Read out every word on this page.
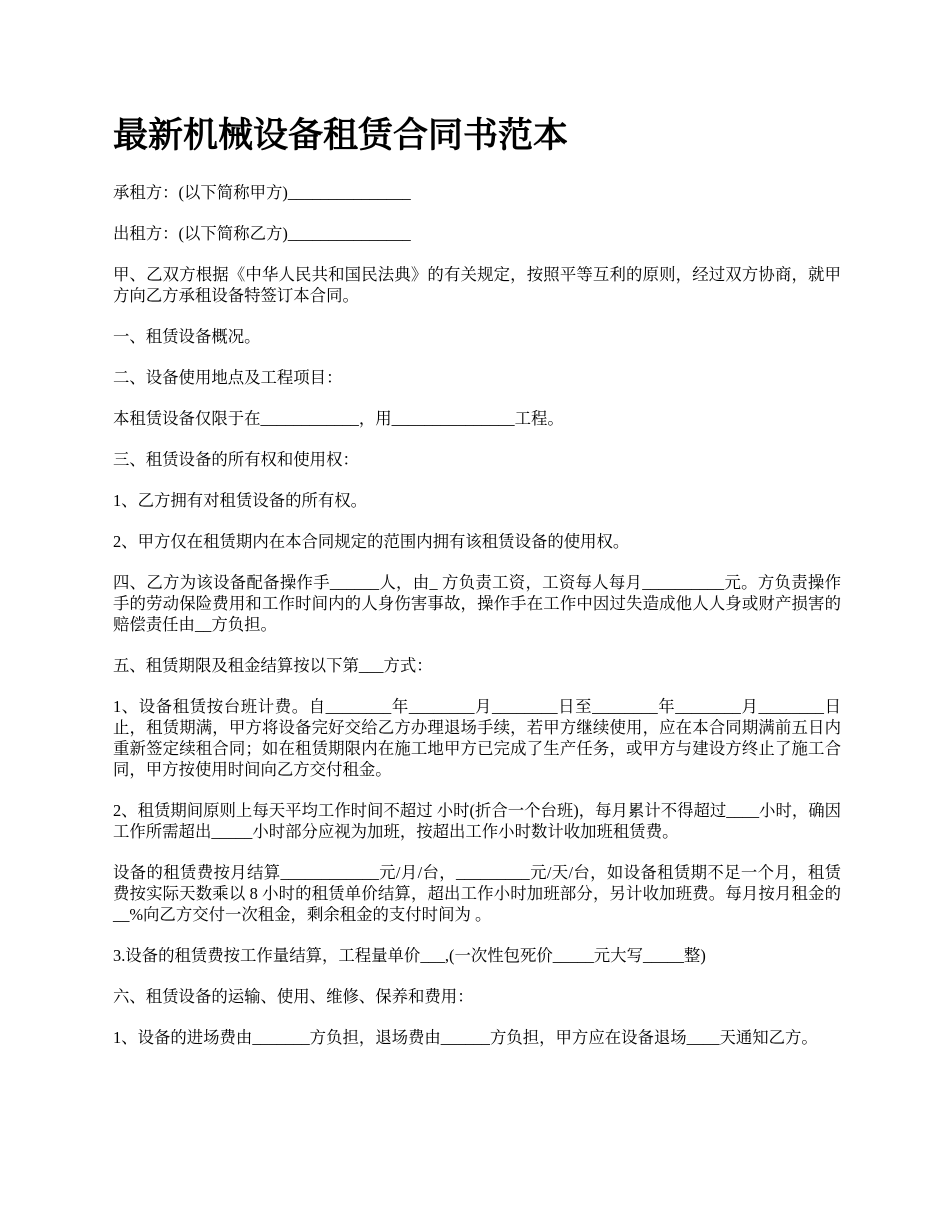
最新机械设备租赁合同书范本

承租方：(以下简称甲方)_______________

出租方：(以下简称乙方)_______________

甲、乙双方根据《中华人民共和国民法典》的有关规定，按照平等互利的原则，经过双方协商，就甲方向乙方承租设备特签订本合同。

一、租赁设备概况。

二、设备使用地点及工程项目：

本租赁设备仅限于在____________，用_______________工程。

三、租赁设备的所有权和使用权：

1、乙方拥有对租赁设备的所有权。

2、甲方仅在租赁期内在本合同规定的范围内拥有该租赁设备的使用权。

四、乙方为该设备配备操作手______人，由_ 方负责工资，工资每人每月__________元。方负责操作手的劳动保险费用和工作时间内的人身伤害事故，操作手在工作中因过失造成他人人身或财产损害的赔偿责任由__方负担。

五、租赁期限及租金结算按以下第___方式：

1、设备租赁按台班计费。自________年________月________日至________年________月________日止，租赁期满，甲方将设备完好交给乙方办理退场手续，若甲方继续使用，应在本合同期满前五日内重新签定续租合同；如在租赁期限内在施工地甲方已完成了生产任务，或甲方与建设方终止了施工合同，甲方按使用时间向乙方交付租金。

2、租赁期间原则上每天平均工作时间不超过 小时(折合一个台班)，每月累计不得超过____小时，确因工作所需超出_____小时部分应视为加班，按超出工作小时数计收加班租赁费。

设备的租赁费按月结算____________元/月/台，_________元/天/台，如设备租赁期不足一个月，租赁费按实际天数乘以 8 小时的租赁单价结算，超出工作小时加班部分，另计收加班费。每月按月租金的__%向乙方交付一次租金，剩余租金的支付时间为 。

3.设备的租赁费按工作量结算，工程量单价___,(一次性包死价_____元大写_____整)

六、租赁设备的运输、使用、维修、保养和费用：

1、设备的进场费由_______方负担，退场费由______方负担，甲方应在设备退场____天通知乙方。
